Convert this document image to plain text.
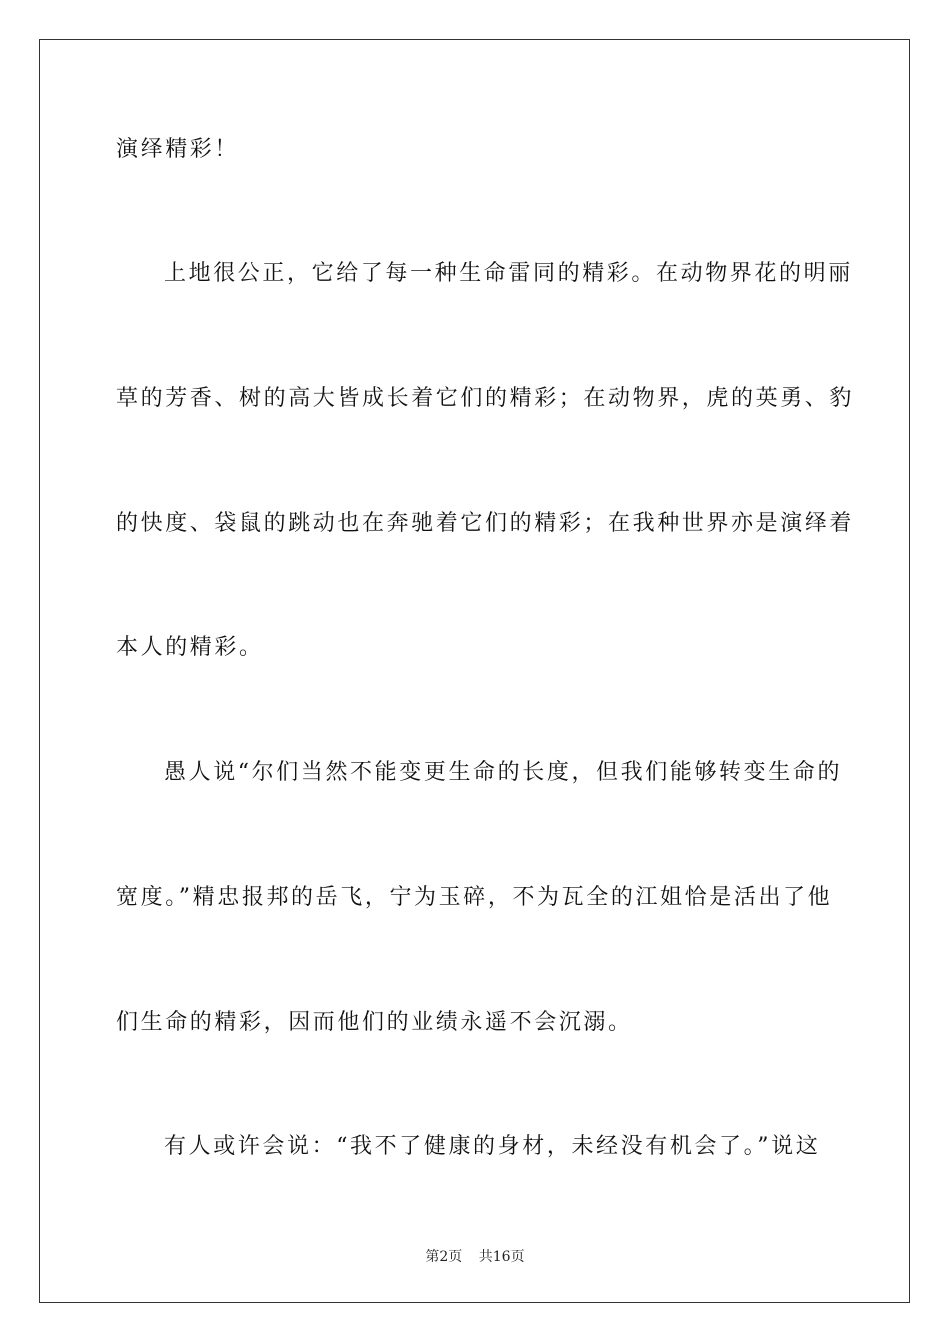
演绎精彩！
上地很公正，它给了每一种生命雷同的精彩。在动物界花的明丽
草的芳香、树的高大皆成长着它们的精彩；在动物界，虎的英勇、豹
的快度、袋鼠的跳动也在奔驰着它们的精彩；在我种世界亦是演绎着
本人的精彩。
愚人说“尔们当然不能变更生命的长度，但我们能够转变生命的
宽度。”精忠报邦的岳飞，宁为玉碎，不为瓦全的江姐恰是活出了他
们生命的精彩，因而他们的业绩永遥不会沉溺。
有人或许会说：“我不了健康的身材，未经没有机会了。”说这
第2页 共16页
